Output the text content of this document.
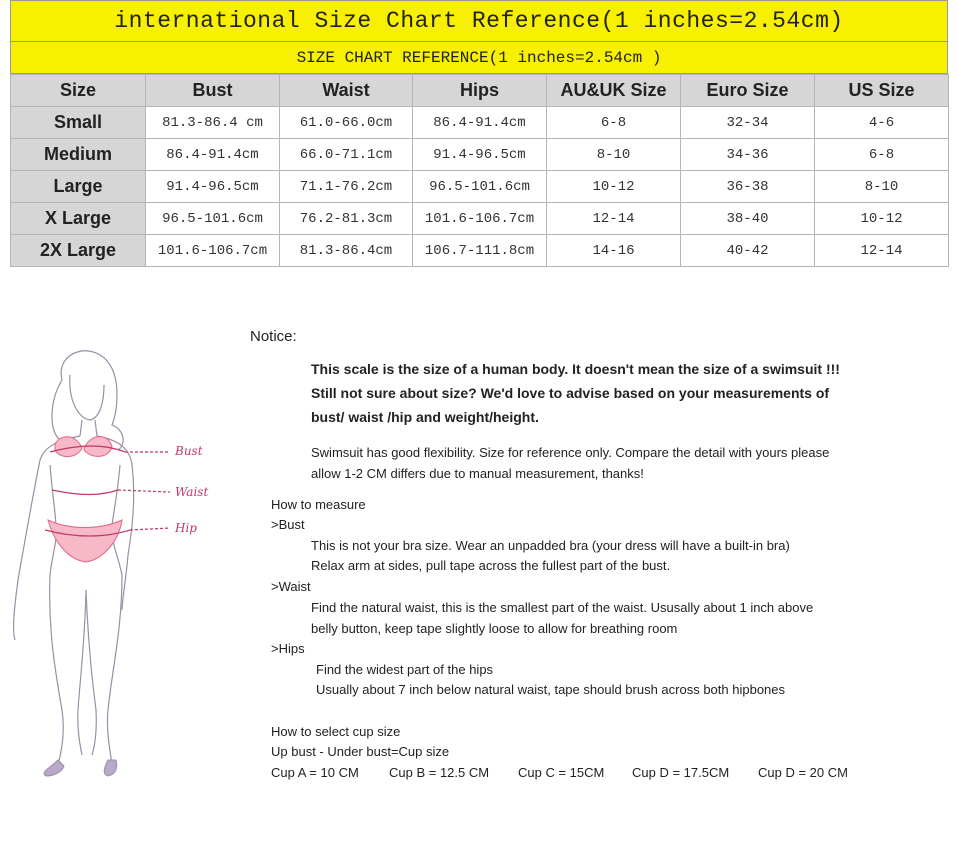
international Size Chart Reference(1 inches=2.54cm)
SIZE CHART REFERENCE(1 inches=2.54cm )
Size	Bust	Waist	Hips	AU&UK Size	Euro Size	US Size
Small	81.3-86.4 cm	61.0-66.0cm	86.4-91.4cm	6-8	32-34	4-6
Medium	86.4-91.4cm	66.0-71.1cm	91.4-96.5cm	8-10	34-36	6-8
Large	91.4-96.5cm	71.1-76.2cm	96.5-101.6cm	10-12	36-38	8-10
X Large	96.5-101.6cm	76.2-81.3cm	101.6-106.7cm	12-14	38-40	10-12
2X Large	101.6-106.7cm	81.3-86.4cm	106.7-111.8cm	14-16	40-42	12-14
Bust
Waist
Hip
Notice:
This scale is the size of a human body. It doesn't mean the size of a swimsuit !!!
Still not sure about size? We'd love to advise based on your measurements of
bust/ waist /hip and weight/height.
Swimsuit has good flexibility. Size for reference only. Compare the detail with yours please
allow 1-2 CM differs due to manual measurement, thanks!
How to measure
>Bust
This is not your bra size. Wear an unpadded bra (your dress will have a built-in bra)
Relax arm at sides, pull tape across the fullest part of the bust.
>Waist
Find the natural waist, this is the smallest part of the waist. Ususally about 1 inch above
belly button, keep tape slightly loose to allow for breathing room
>Hips
Find the widest part of the hips
Usually about 7 inch below natural waist, tape should brush across both hipbones
How to select cup size
Up bust - Under bust=Cup size
Cup A = 10 CM Cup B = 12.5 CM Cup C = 15CM Cup D = 17.5CM Cup D = 20 CM
